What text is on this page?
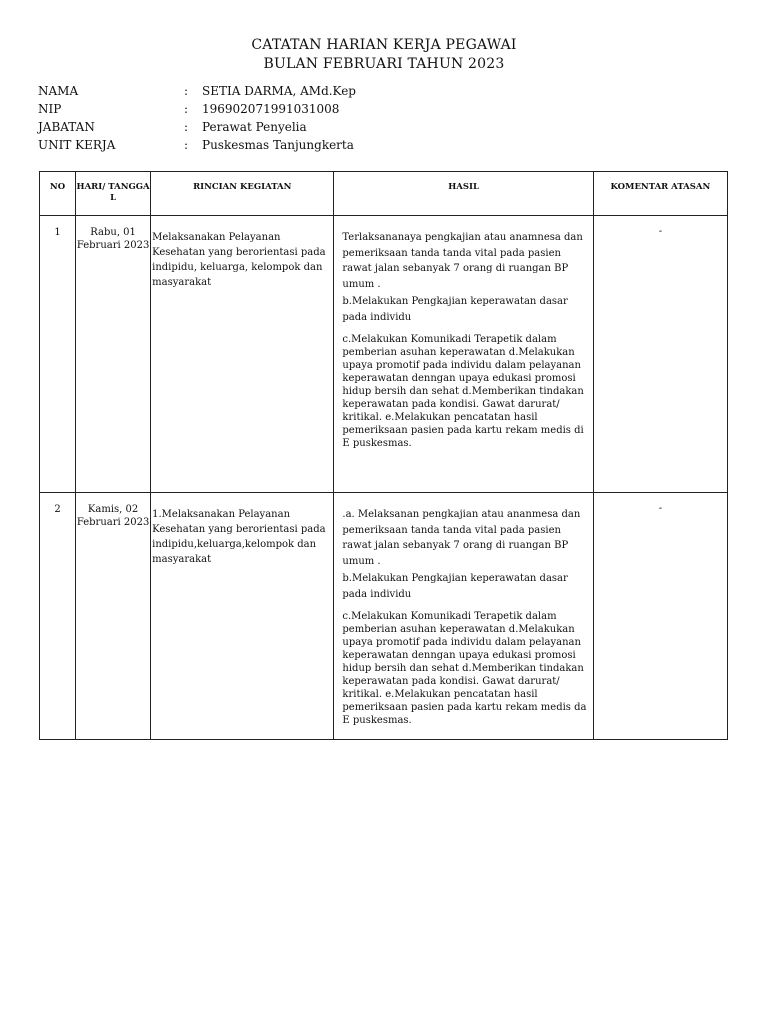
CATATAN HARIAN KERJA PEGAWAI
BULAN FEBRUARI TAHUN 2023
NAMA	:	SETIA DARMA, AMd.Kep
NIP	:	196902071991031008
JABATAN	:	Perawat Penyelia
UNIT KERJA	:	Puskesmas Tanjungkerta
NO	HARI/ TANGGA L	RINCIAN KEGIATAN	HASIL	KOMENTAR ATASAN
1	Rabu, 01 Februari 2023	Melaksanakan Pelayanan Kesehatan yang berorientasi pada indipidu, keluarga, kelompok dan masyarakat	Terlaksananaya pengkajian atau anamnesa dan pemeriksaan tanda tanda vital pada pasien rawat jalan sebanyak 7 orang di ruangan BP umum .

b.Melakukan Pengkajian keperawatan dasar pada individu

c.Melakukan Komunikadi Terapetik dalam pemberian asuhan keperawatan d.Melakukan upaya promotif pada individu dalam pelayanan keperawatan denngan upaya edukasi promosi hidup bersih dan sehat d.Memberikan tindakan keperawatan pada kondisi. Gawat darurat/ kritikal. e.Melakukan pencatatan hasil pemeriksaan pasien pada kartu rekam medis di E puskesmas.	-
2	Kamis, 02 Februari 2023	1.Melaksanakan Pelayanan Kesehatan yang berorientasi pada indipidu,keluarga,kelompok dan masyarakat	.a. Melaksanan pengkajian atau ananmesa dan pemeriksaan tanda tanda vital pada pasien rawat jalan sebanyak 7 orang di ruangan BP umum .

b.Melakukan Pengkajian keperawatan dasar pada individu

c.Melakukan Komunikadi Terapetik dalam pemberian asuhan keperawatan d.Melakukan upaya promotif pada individu dalam pelayanan keperawatan denngan upaya edukasi promosi hidup bersih dan sehat d.Memberikan tindakan keperawatan pada kondisi. Gawat darurat/ kritikal. e.Melakukan pencatatan hasil pemeriksaan pasien pada kartu rekam medis da E puskesmas.	-
